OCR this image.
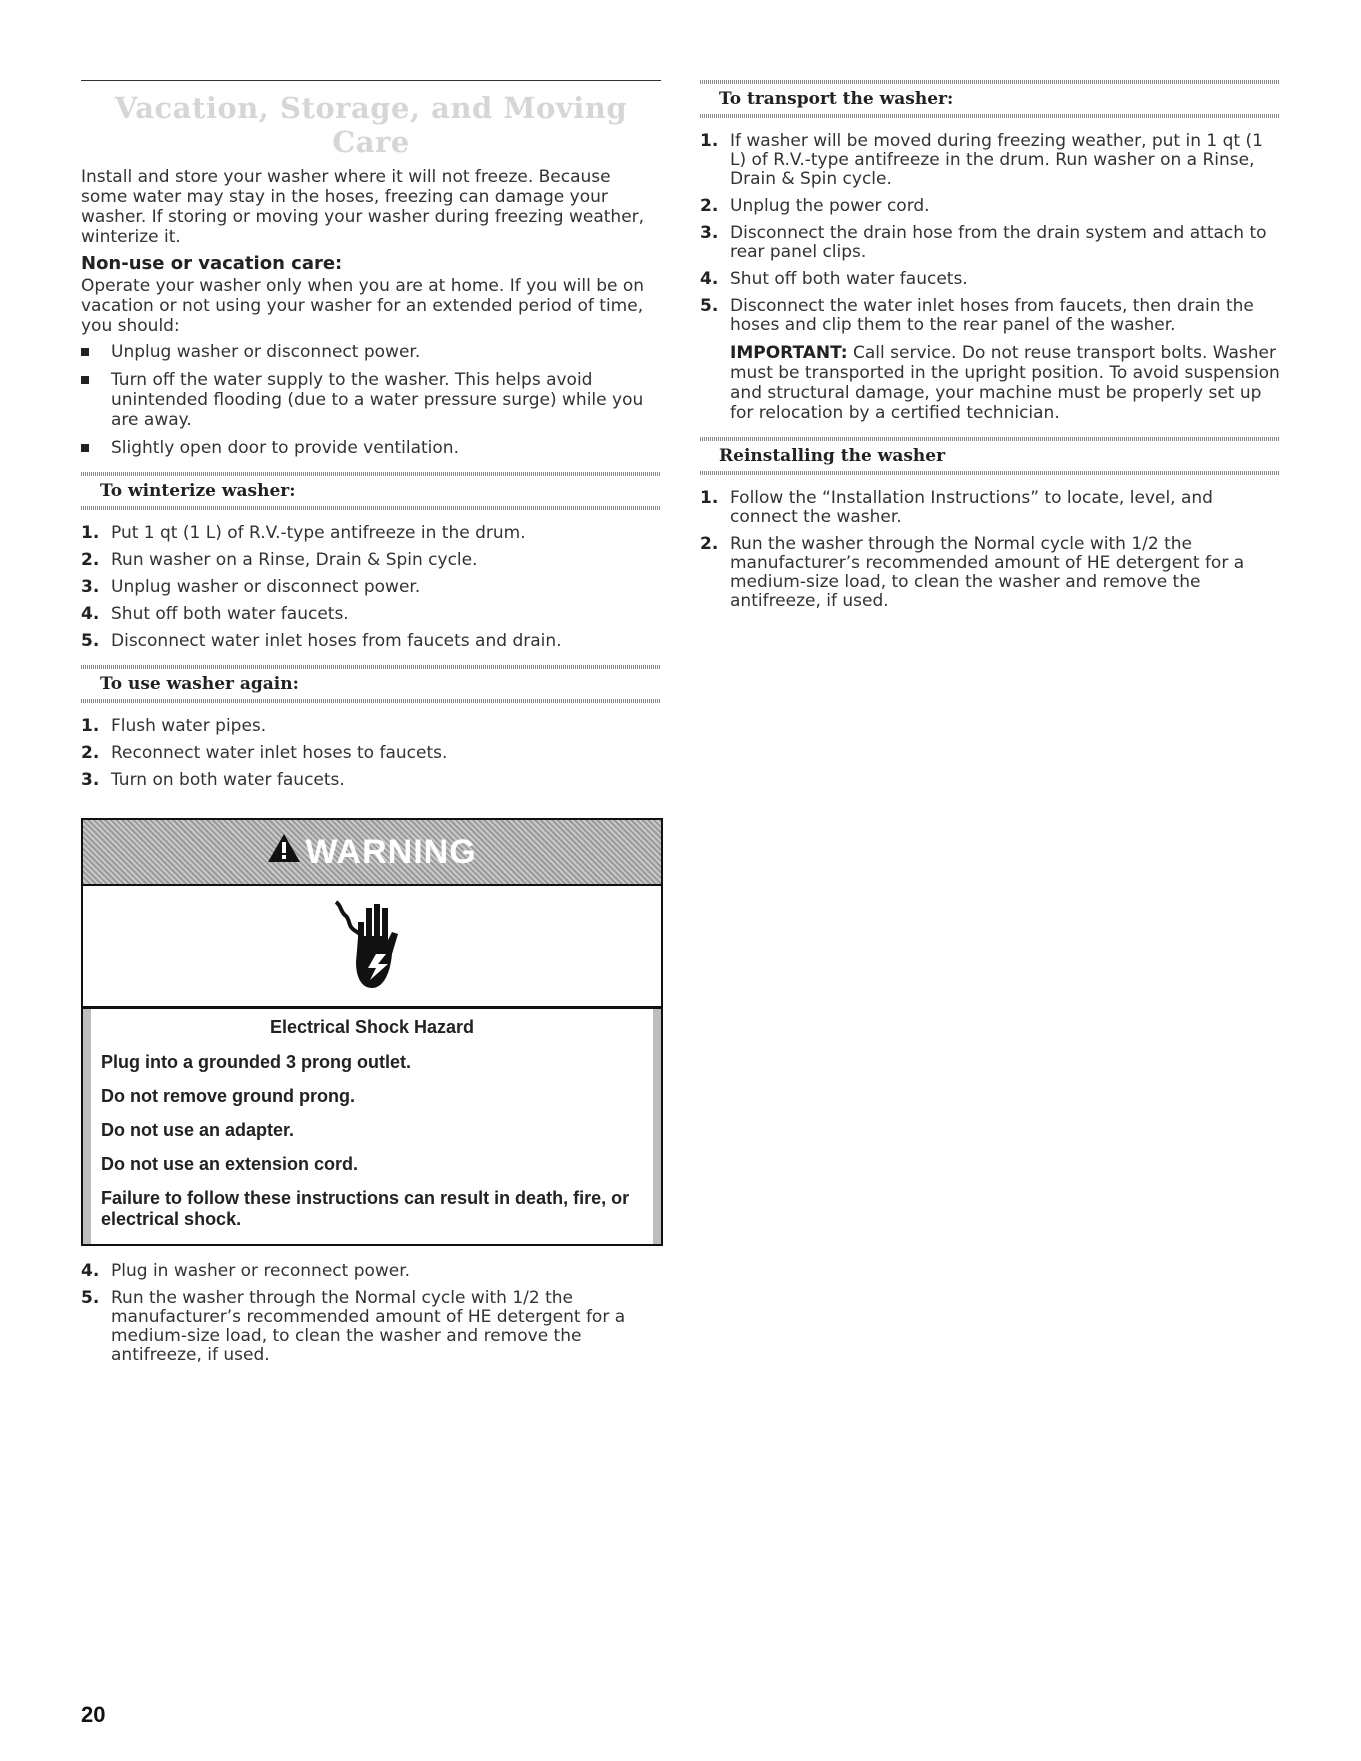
Vacation, Storage, and Moving Care

Install and store your washer where it will not freeze. Because some water may stay in the hoses, freezing can damage your washer. If storing or moving your washer during freezing weather, winterize it.

Non-use or vacation care:

Operate your washer only when you are at home. If you will be on vacation or not using your washer for an extended period of time, you should:

Unplug washer or disconnect power.
Turn off the water supply to the washer. This helps avoid unintended flooding (due to a water pressure surge) while you are away.
Slightly open door to provide ventilation.
To winterize washer:
1. Put 1 qt (1 L) of R.V.-type antifreeze in the drum.
2. Run washer on a Rinse, Drain & Spin cycle.
3. Unplug washer or disconnect power.
4. Shut off both water faucets.
5. Disconnect water inlet hoses from faucets and drain.
To use washer again:
1. Flush water pipes.
2. Reconnect water inlet hoses to faucets.
3. Turn on both water faucets.
WARNING
Electrical Shock Hazard
Plug into a grounded 3 prong outlet.
Do not remove ground prong.
Do not use an adapter.
Do not use an extension cord.
Failure to follow these instructions can result in death, fire, or electrical shock.
4. Plug in washer or reconnect power.
5. Run the washer through the Normal cycle with 1/2 the manufacturer’s recommended amount of HE detergent for a medium-size load, to clean the washer and remove the antifreeze, if used.
To transport the washer:
1. If washer will be moved during freezing weather, put in 1 qt (1 L) of R.V.-type antifreeze in the drum. Run washer on a Rinse, Drain & Spin cycle.
2. Unplug the power cord.
3. Disconnect the drain hose from the drain system and attach to rear panel clips.
4. Shut off both water faucets.
5. Disconnect the water inlet hoses from faucets, then drain the hoses and clip them to the rear panel of the washer.

IMPORTANT: Call service. Do not reuse transport bolts. Washer must be transported in the upright position. To avoid suspension and structural damage, your machine must be properly set up for relocation by a certified technician.

Reinstalling the washer
1. Follow the “Installation Instructions” to locate, level, and connect the washer.
2. Run the washer through the Normal cycle with 1/2 the manufacturer’s recommended amount of HE detergent for a medium-size load, to clean the washer and remove the antifreeze, if used.
20
